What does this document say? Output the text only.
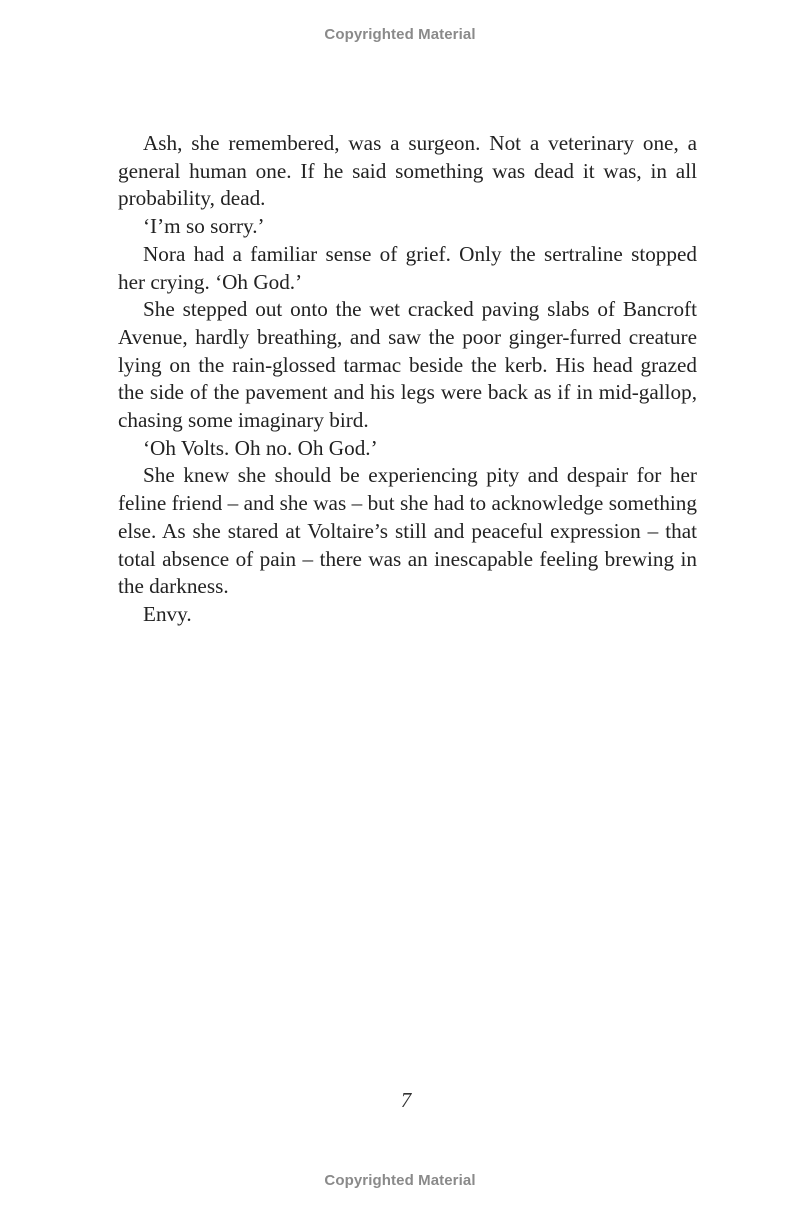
Copyrighted Material

Ash, she remembered, was a surgeon. Not a veterinary one, a general human one. If he said something was dead it was, in all probability, dead.

‘I’m so sorry.’

Nora had a familiar sense of grief. Only the sertraline stopped her crying. ‘Oh God.’

She stepped out onto the wet cracked paving slabs of Bancroft Avenue, hardly breathing, and saw the poor ginger-furred creature lying on the rain-glossed tarmac beside the kerb. His head grazed the side of the pavement and his legs were back as if in mid-gallop, chasing some imaginary bird.

‘Oh Volts. Oh no. Oh God.’

She knew she should be experiencing pity and despair for her feline friend – and she was – but she had to acknowledge something else. As she stared at Voltaire’s still and peaceful expression – that total absence of pain – there was an inescapable feeling brewing in the darkness.

Envy.

7
Copyrighted Material
